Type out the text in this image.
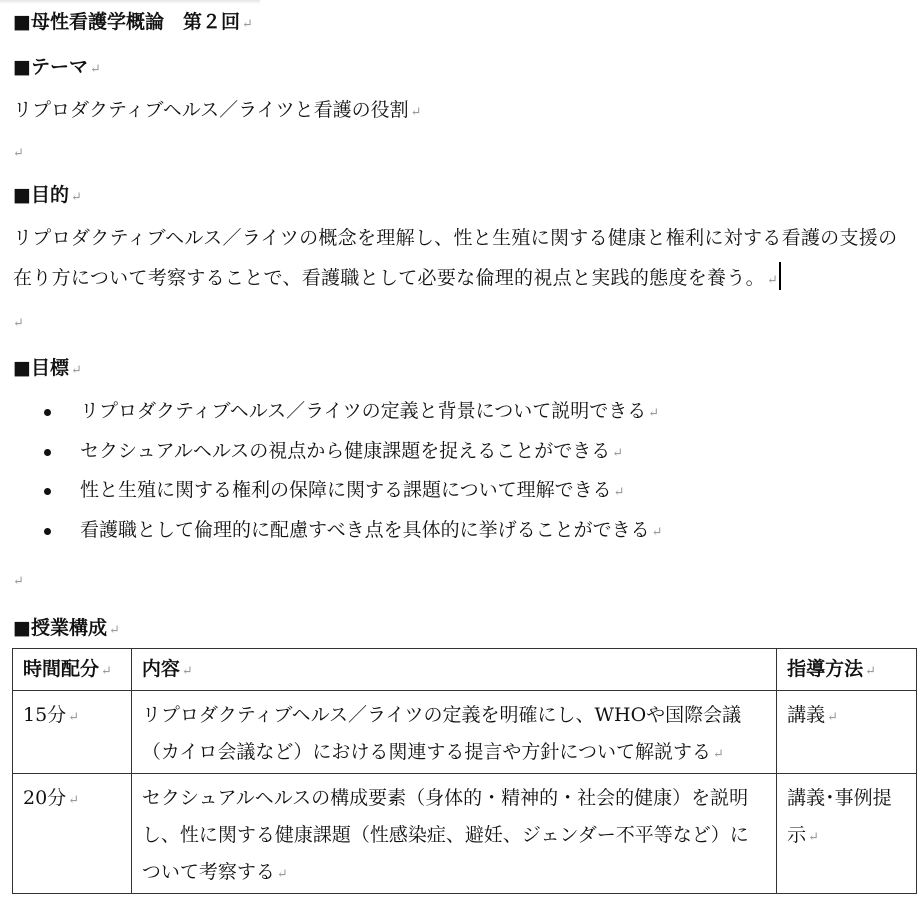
■母性看護学概論　第２回 ↵
■テーマ ↵
リプロダクティブヘルス／ライツと看護の役割 ↵
↵
■目的 ↵
リプロダクティブヘルス／ライツの概念を理解し、性と生殖に関する健康と権利に対する看護の支援の在り方について考察することで、看護職として必要な倫理的視点と実践的態度を養う。 ↵
↵
■目標 ↵
リプロダクティブヘルス／ライツの定義と背景について説明できる ↵
セクシュアルヘルスの視点から健康課題を捉えることができる ↵
性と生殖に関する権利の保障に関する課題について理解できる ↵
看護職として倫理的に配慮すべき点を具体的に挙げることができる ↵
↵
■授業構成 ↵
時間配分 ↵	内容 ↵	指導方法 ↵
15分 ↵	リプロダクティブヘルス／ライツの定義を明確にし、WHOや国際会議（カイロ会議など）における関連する提言や方針について解説する ↵	講義 ↵
20分 ↵	セクシュアルヘルスの構成要素（身体的・精神的・社会的健康）を説明し、性に関する健康課題（性感染症、避妊、ジェンダー不平等など）について考察する ↵	講義･事例提示 ↵
